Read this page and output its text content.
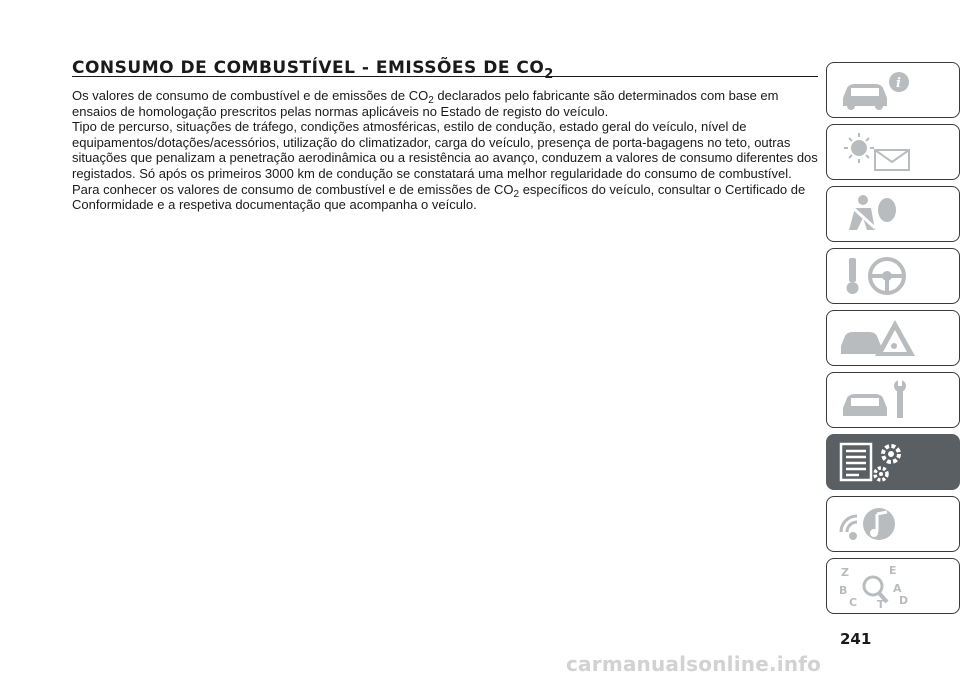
CONSUMO DE COMBUSTÍVEL - EMISSÕES DE $CO_2$

Os valores de consumo de combustível e de emissões de $CO_2$ declarados pelo fabricante são determinados com base em ensaios de homologação prescritos pelas normas aplicáveis no Estado de registo do veículo.

Tipo de percurso, situações de tráfego, condições atmosféricas, estilo de condução, estado geral do veículo, nível de equipamentos/dotações/acessórios, utilização do climatizador, carga do veículo, presença de porta-bagagens no teto, outras situações que penalizam a penetração aerodinâmica ou a resistência ao avanço, conduzem a valores de consumo diferentes dos registados. Só após os primeiros 3000 km de condução se constatará uma melhor regularidade do consumo de combustível.

Para conhecer os valores de consumo de combustível e de emissões de $CO_2$ específicos do veículo, consultar o Certificado de Conformidade e a respetiva documentação que acompanha o veículo.

i
Z	E
B	A
C T D
241
carmanualsonline.info
